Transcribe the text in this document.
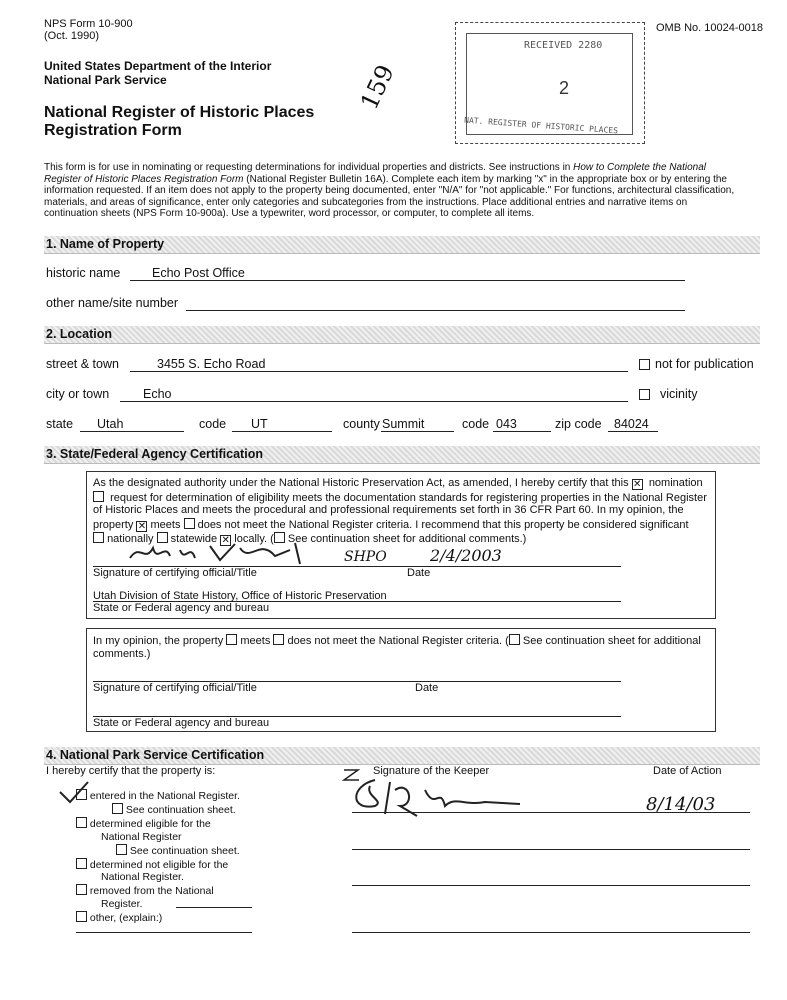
NPS Form 10-900
(Oct. 1990)
OMB No. 10024-0018
United States Department of the Interior
National Park Service
National Register of Historic Places
Registration Form
159
RECEIVED 2280
2
NAT. REGISTER OF HISTORIC PLACES
This form is for use in nominating or requesting determinations for individual properties and districts. See instructions in How to Complete the National
Register of Historic Places Registration Form (National Register Bulletin 16A). Complete each item by marking "x" in the appropriate box or by entering the
information requested. If an item does not apply to the property being documented, enter "N/A" for "not applicable." For functions, architectural classification,
materials, and areas of significance, enter only categories and subcategories from the instructions. Place additional entries and narrative items on
continuation sheets (NPS Form 10-900a). Use a typewriter, word processor, or computer, to complete all items.
1. Name of Property
historic name	Echo Post Office
other name/site number
2. Location
street & town	3455 S. Echo Road	not for publication
city or town	Echo	vicinity
state Utah	code UT	county Summit	code 043	zip code 84024
3. State/Federal Agency Certification
As the designated authority under the National Historic Preservation Act, as amended, I hereby certify that this ✕ nomination
request for determination of eligibility meets the documentation standards for registering properties in the National Register
of Historic Places and meets the procedural and professional requirements set forth in 36 CFR Part 60. In my opinion, the
property ✕ meets does not meet the National Register criteria. I recommend that this property be considered significant
nationally statewide ✕ locally. ( See continuation sheet for additional comments.)
SHPO	2/4/2003
Signature of certifying official/Title	Date
Utah Division of State History, Office of Historic Preservation
State or Federal agency and bureau
In my opinion, the property meets does not meet the National Register criteria. ( See continuation sheet for additional
comments.)
Signature of certifying official/Title	Date
State or Federal agency and bureau
4. National Park Service Certification
I hereby certify that the property is:	Signature of the Keeper	Date of Action
8/14/03
entered in the National Register.
See continuation sheet.
determined eligible for the
National Register
See continuation sheet.
determined not eligible for the
National Register.
removed from the National
Register.
other, (explain:)
